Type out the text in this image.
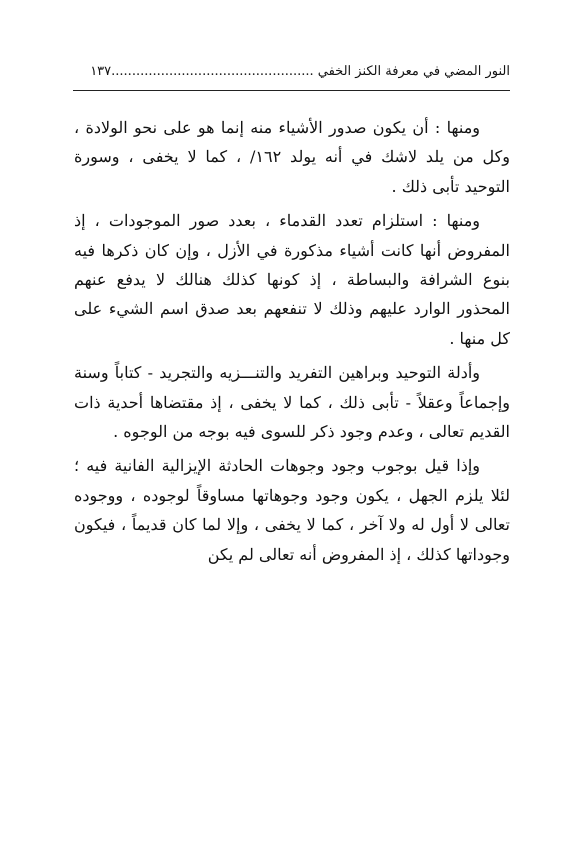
النور المضي في معرفة الكنز الخفي .................................................١٣٧

ومنها : أن يكون صدور الأشياء منه إنما هو على نحو الولادة ، وكل من يلد لاشك في أنه يولد ١٦٢/ ، كما لا يخفى ، وسورة التوحيد تأبى ذلك .

ومنها : استلزام تعدد القدماء ، بعدد صور الموجودات ، إذ المفروض أنها كانت أشياء مذكورة في الأزل ، وإن كان ذكرها فيه بنوع الشرافة والبساطة ، إذ كونها كذلك هنالك لا يدفع عنهم المحذور الوارد عليهم وذلك لا تنفعهم بعد صدق اسم الشيء على كل منها .

وأدلة التوحيد وبراهين التفريد والتنـــزيه والتجريد - كتاباً وسنة وإجماعاً وعقلاً - تأبى ذلك ، كما لا يخفى ، إذ مقتضاها أحدية ذات القديم تعالى ، وعدم وجود ذكر للسوى فيه بوجه من الوجوه .

وإذا قيل بوجوب وجود وجوهات الحادثة الإيزالية الفانية فيه ؛ لئلا يلزم الجهل ، يكون وجود وجوهاتها مساوقاً لوجوده ، ووجوده تعالى لا أول له ولا آخر ، كما لا يخفى ، وإلا لما كان قديماً ، فيكون وجوداتها كذلك ، إذ المفروض أنه تعالى لم يكن
